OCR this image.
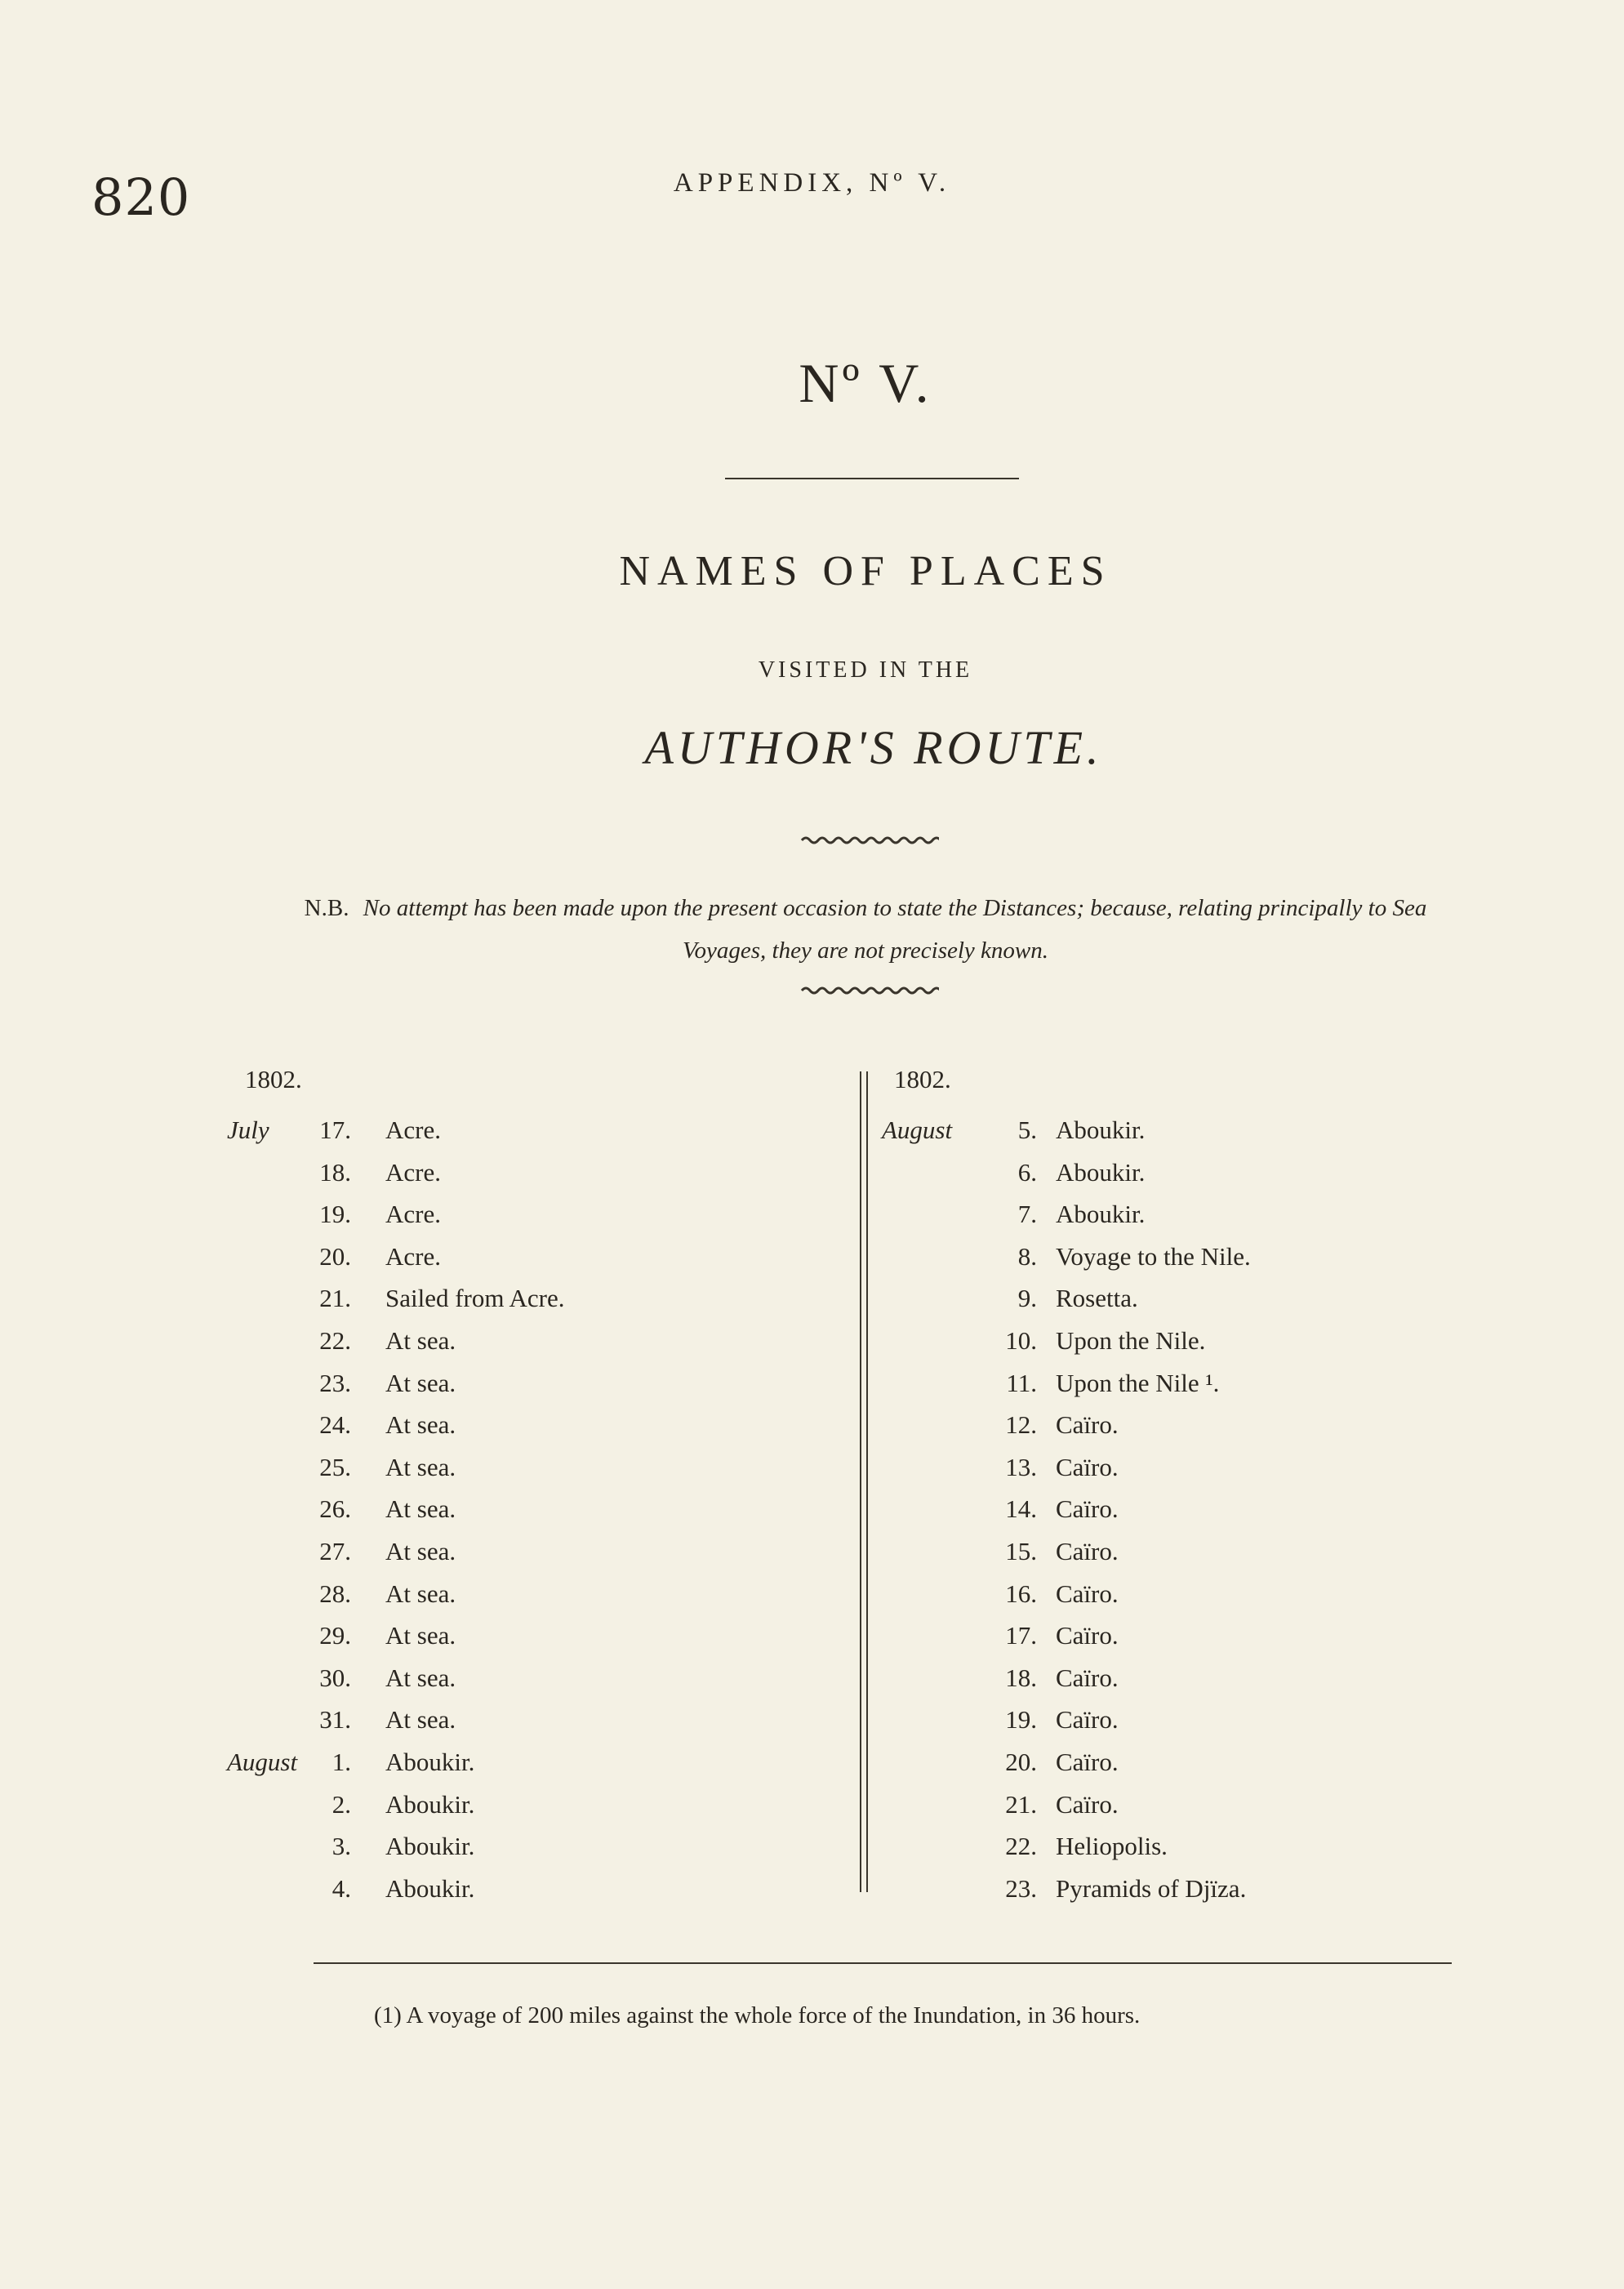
820	APPENDIX, Nº V.
Nº V.
NAMES OF PLACES
VISITED IN THE
AUTHOR'S ROUTE.
N.B. No attempt has been made upon the present occasion to state the Distances; because, relating principally to Sea Voyages, they are not precisely known.
1802.
July	17. Acre.
18. Acre.
19. Acre.
20. Acre.
21. Sailed from Acre.
22. At sea.
23. At sea.
24. At sea.
25. At sea.
26. At sea.
27. At sea.
28. At sea.
29. At sea.
30. At sea.
31. At sea.
August	1. Aboukir.
2. Aboukir.
3. Aboukir.
4. Aboukir.
1802.
August	5. Aboukir.
6. Aboukir.
7. Aboukir.
8. Voyage to the Nile.
9. Rosetta.
10. Upon the Nile.
11. Upon the Nile ¹.
12. Caïro.
13. Caïro.
14. Caïro.
15. Caïro.
16. Caïro.
17. Caïro.
18. Caïro.
19. Caïro.
20. Caïro.
21. Caïro.
22. Heliopolis.
23. Pyramids of Djïza.
(1) A voyage of 200 miles against the whole force of the Inundation, in 36 hours.
